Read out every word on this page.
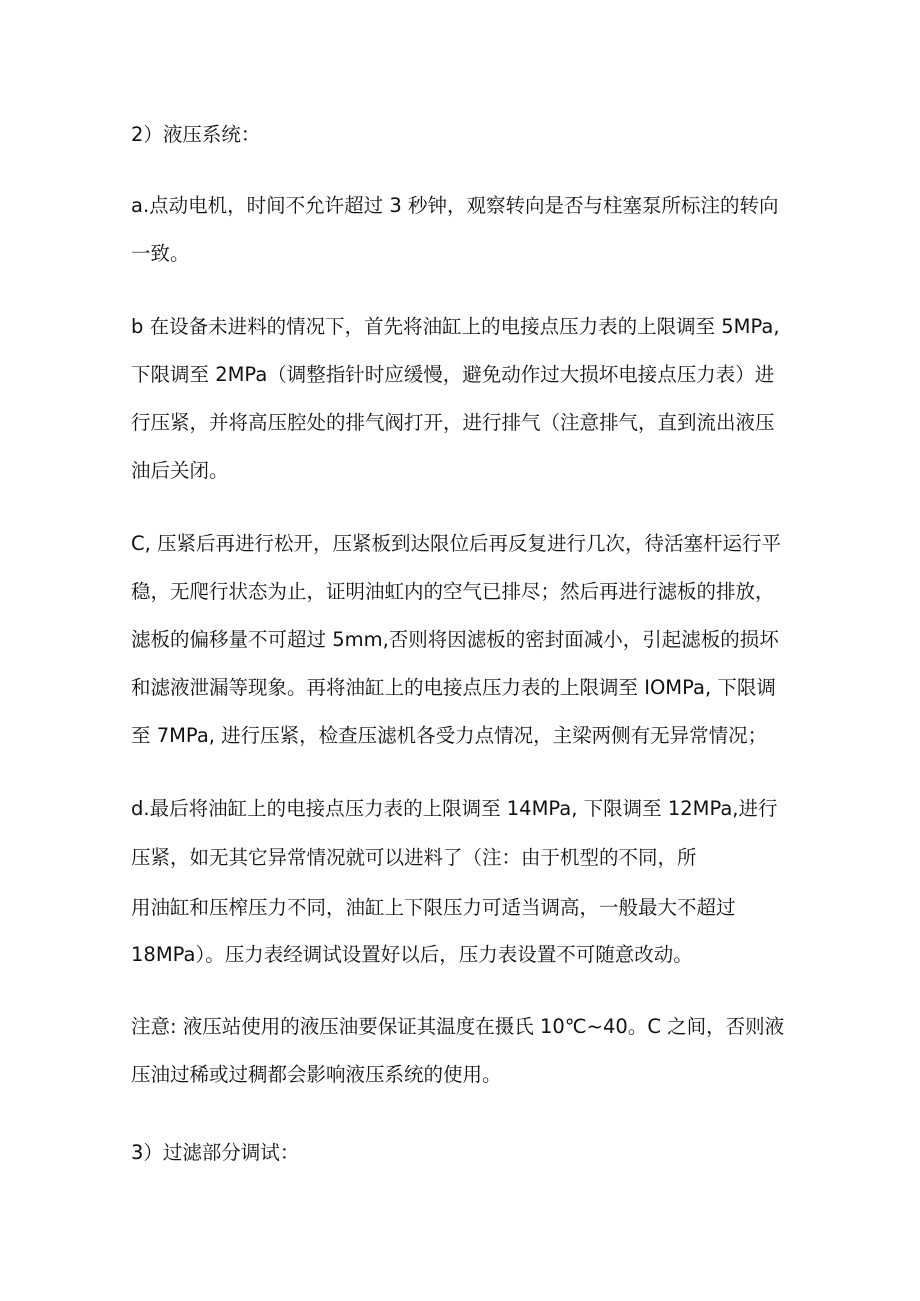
2）液压系统：

a.点动电机，时间不允许超过 3 秒钟，观察转向是否与柱塞泵所标注的转向

一致。

b 在设备未进料的情况下，首先将油缸上的电接点压力表的上限调至 5MPa,

下限调至 2MPa（调整指针时应缓慢，避免动作过大损坏电接点压力表）进

行压紧，并将高压腔处的排气阀打开，进行排气（注意排气，直到流出液压

油后关闭。

C, 压紧后再进行松开，压紧板到达限位后再反复进行几次，待活塞杆运行平

稳，无爬行状态为止，证明油虹内的空气已排尽；然后再进行滤板的排放，

滤板的偏移量不可超过 5mm,否则将因滤板的密封面减小，引起滤板的损坏

和滤液泄漏等现象。再将油缸上的电接点压力表的上限调至 IOMPa, 下限调

至 7MPa, 进行压紧，检查压滤机各受力点情况，主梁两侧有无异常情况；

d.最后将油缸上的电接点压力表的上限调至 14MPa, 下限调至 12MPa,进行

压紧，如无其它异常情况就可以进料了（注：由于机型的不同，所

用油缸和压榨压力不同，油缸上下限压力可适当调高，一般最大不超过

18MPa）。压力表经调试设置好以后，压力表设置不可随意改动。

注意: 液压站使用的液压油要保证其温度在摄氏 10℃~40。C 之间，否则液

压油过稀或过稠都会影响液压系统的使用。

3）过滤部分调试：
